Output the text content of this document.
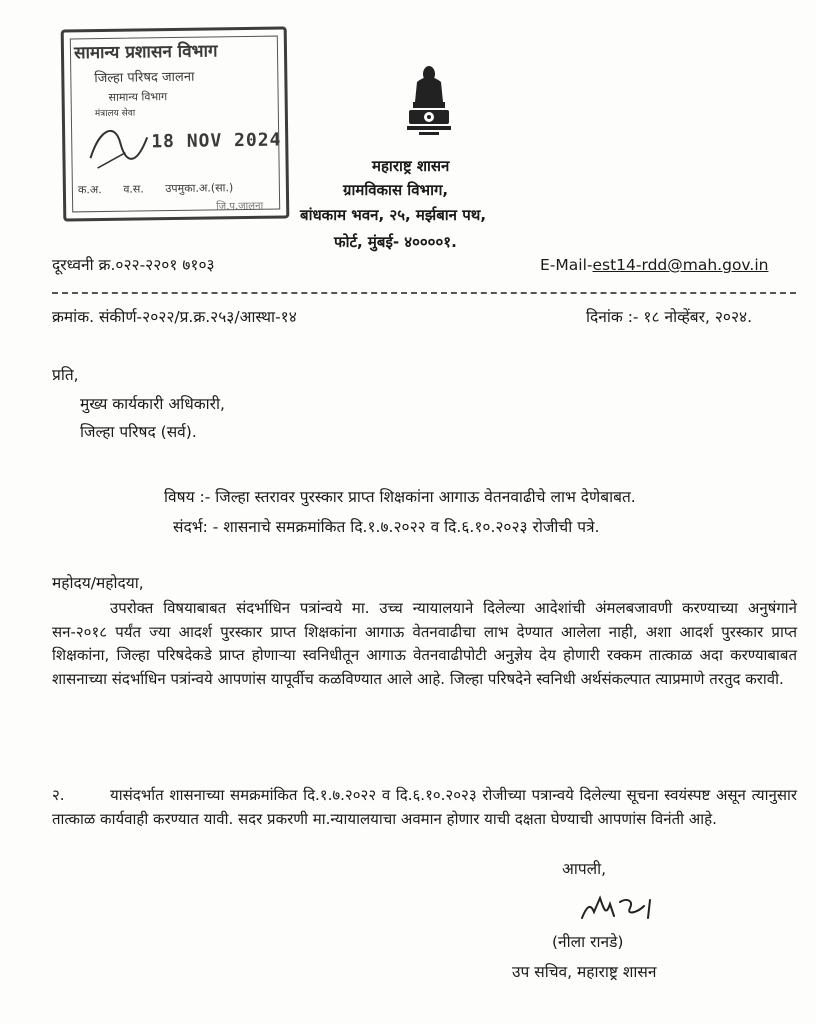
सामान्य प्रशासन विभाग
जिल्हा परिषद जालना
सामान्य विभाग
मंत्रालय सेवा
18 NOV 2024
क.अ. व.स. उपमुका.अ.(सा.)
जि.प.जालना
महाराष्ट्र शासन
ग्रामविकास विभाग,
बांधकाम भवन, २५, मर्झबान पथ,
फोर्ट, मुंबई- ४००००१.
दूरध्वनी क्र.०२२-२२०१ ७१०३	E-Mail-est14-rdd@mah.gov.in
क्रमांक. संकीर्ण-२०२२/प्र.क्र.२५३/आस्था-१४	दिनांक :- १८ नोव्हेंबर, २०२४.
प्रति,
मुख्य कार्यकारी अधिकारी,
जिल्हा परिषद (सर्व).
विषय :- जिल्हा स्तरावर पुरस्कार प्राप्त शिक्षकांना आगाऊ वेतनवाढीचे लाभ देणेबाबत.
संदर्भ: - शासनाचे समक्रमांकित दि.१.७.२०२२ व दि.६.१०.२०२३ रोजीची पत्रे.
महोदय/महोदया,
उपरोक्त विषयाबाबत संदर्भाधिन पत्रांन्वये मा. उच्च न्यायालयाने दिलेल्या आदेशांची अंमलबजावणी करण्याच्या अनुषंगाने सन-२०१८ पर्यंत ज्या आदर्श पुरस्कार प्राप्त शिक्षकांना आगाऊ वेतनवाढीचा लाभ देण्यात आलेला नाही, अशा आदर्श पुरस्कार प्राप्त शिक्षकांना, जिल्हा परिषदेकडे प्राप्त होणाऱ्या स्वनिधीतून आगाऊ वेतनवाढीपोटी अनुज्ञेय देय होणारी रक्कम तात्काळ अदा करण्याबाबत शासनाच्या संदर्भाधिन पत्रांन्वये आपणांस यापूर्वीच कळविण्यात आले आहे. जिल्हा परिषदेने स्वनिधी अर्थसंकल्पात त्याप्रमाणे तरतुद करावी.
२.	यासंदर्भात शासनाच्या समक्रमांकित दि.१.७.२०२२ व दि.६.१०.२०२३ रोजीच्या पत्रान्वये दिलेल्या सूचना स्वयंस्पष्ट असून त्यानुसार तात्काळ कार्यवाही करण्यात यावी. सदर प्रकरणी मा.न्यायालयाचा अवमान होणार याची दक्षता घेण्याची आपणांस विनंती आहे.
आपली,
(नीला रानडे)
उप सचिव, महाराष्ट्र शासन
